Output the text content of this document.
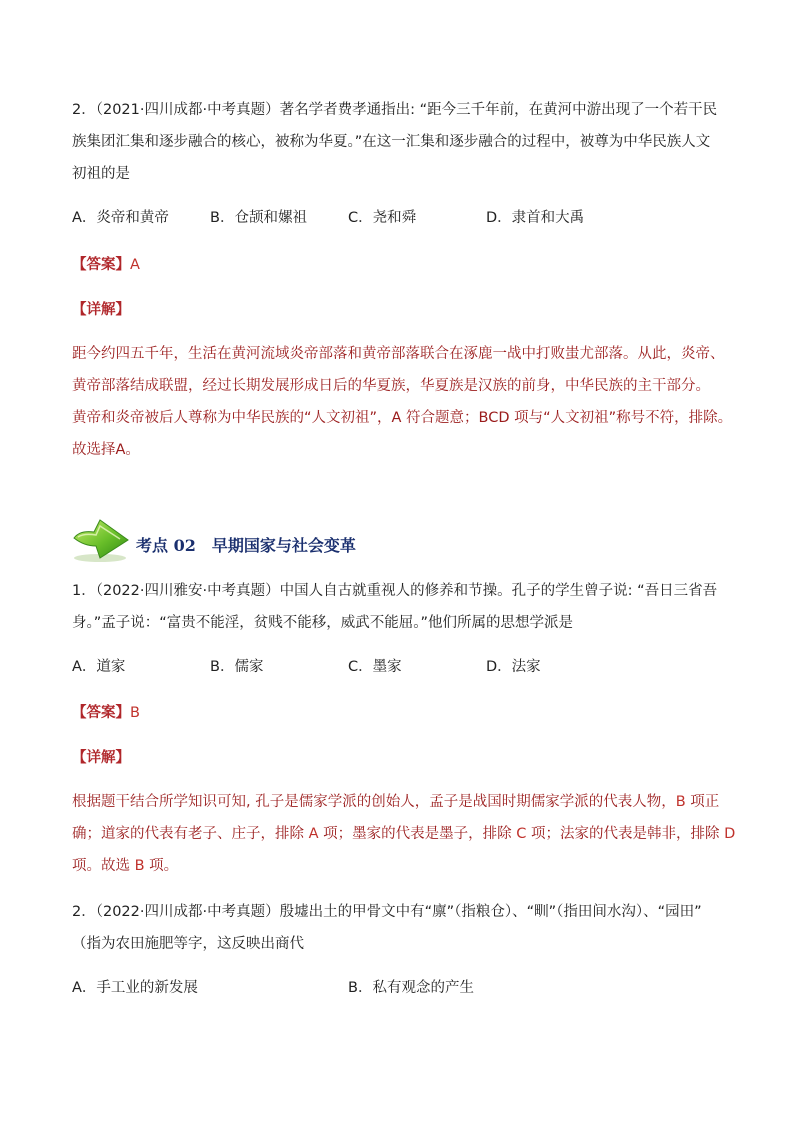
2．（2021·四川成都·中考真题）著名学者费孝通指出: “距今三千年前，在黄河中游出现了一个若干民
族集团汇集和逐步融合的核心，被称为华夏。”在这一汇集和逐步融合的过程中，被尊为中华民族人文
初祖的是
A．炎帝和黄帝	B．仓颉和嫘祖	C．尧和舜	D．隶首和大禹
【答案】A
【详解】
距今约四五千年，生活在黄河流域炎帝部落和黄帝部落联合在涿鹿一战中打败蚩尤部落。从此，炎帝、
黄帝部落结成联盟，经过长期发展形成日后的华夏族，华夏族是汉族的前身，中华民族的主干部分。
黄帝和炎帝被后人尊称为中华民族的“人文初祖”，A 符合题意；BCD 项与“人文初祖”称号不符，排除。
故选择A。
考点 02 早期国家与社会变革
1．（2022·四川雅安·中考真题）中国人自古就重视人的修养和节操。孔子的学生曾子说: “吾日三省吾
身。”孟子说：“富贵不能淫，贫贱不能移，威武不能屈。”他们所属的思想学派是
A．道家	B．儒家	C．墨家	D．法家
【答案】B
【详解】
根据题干结合所学知识可知, 孔子是儒家学派的创始人，孟子是战国时期儒家学派的代表人物，B 项正
确；道家的代表有老子、庄子，排除 A 项；墨家的代表是墨子，排除 C 项；法家的代表是韩非，排除 D
项。故选 B 项。
2．（2022·四川成都·中考真题）殷墟出土的甲骨文中有“廪”（指粮仓）、“甽”（指田间水沟）、“园田”
（指为农田施肥等字，这反映出商代
A．手工业的新发展	B．私有观念的产生
